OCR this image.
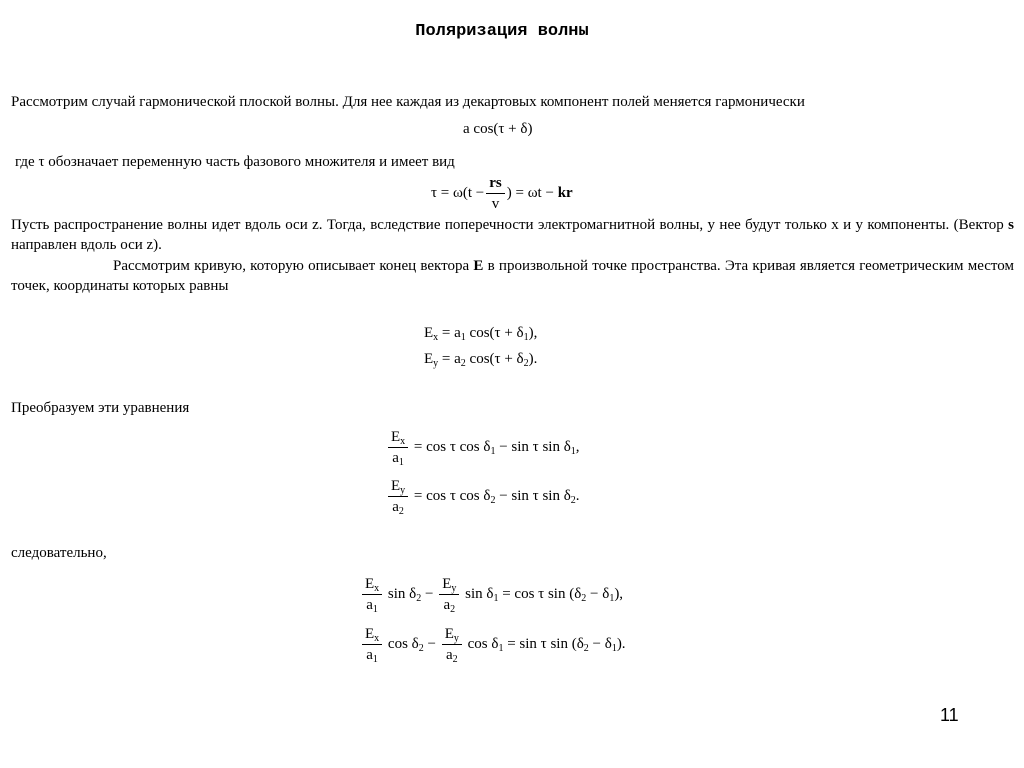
Поляризация волны
Рассмотрим случай гармонической плоской волны. Для нее каждая из декартовых компонент полей меняется гармонически
a cos(τ + δ)
где τ обозначает переменную часть фазового множителя и имеет вид
$\tau = \omega(t - \frac{rs}{v}$ ) = ωt − kr
Пусть распространение волны идет вдоль оси z. Тогда, вследствие поперечности электромагнитной волны, у нее будут только x и y компоненты. (Вектор s направлен вдоль оси z).
Рассмотрим кривую, которую описывает конец вектора E в произвольной точке пространства. Эта кривая является геометрическим местом точек, координаты которых равны
$E_x = a_1$ $\cos(\tau + \delta_1)$,
$E_y = a_2$ $\cos(\tau + \delta_2)$.
Преобразуем эти уравнения
$\frac{E_x}{a_1} = \cos \tau$ $\cos \delta_1 - \sin \tau$ $\sin \delta_1$,
$\frac{E_y}{a_2} = \cos \tau$ $\cos \delta_2 - \sin \tau$ $\sin \delta_2$.
следовательно,
$\frac{E_x}{a_1}$ $\sin \delta_2 - \frac{E_y}{a_2}$ $\sin \delta_1 = \cos \tau$ $\sin (\delta_2 - \delta_1)$,
$\frac{E_x}{a_1}$ $\cos \delta_2 - \frac{E_y}{a_2}$ $\cos \delta_1 = \sin \tau$ $\sin (\delta_2 - \delta_1)$.
11
